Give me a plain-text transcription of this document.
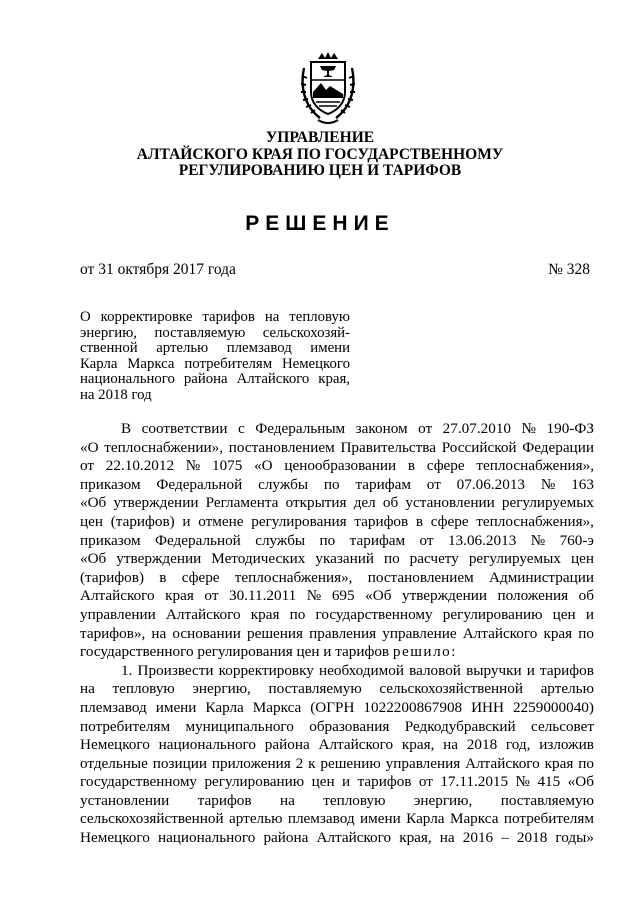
УПРАВЛЕНИЕ
АЛТАЙСКОГО КРАЯ ПО ГОСУДАРСТВЕННОМУ
РЕГУЛИРОВАНИЮ ЦЕН И ТАРИФОВ
РЕШЕНИЕ
от 31 октября 2017 года	№ 328
О корректировке тарифов на тепловую
энергию, поставляемую сельскохозяй-
ственной артелью племзавод имени
Карла Маркса потребителям Немецкого
национального района Алтайского края,
на 2018 год
В соответствии с Федеральным законом от 27.07.2010 № 190-ФЗ
«О теплоснабжении», постановлением Правительства Российской Федерации
от 22.10.2012 № 1075 «О ценообразовании в сфере теплоснабжения»,
приказом Федеральной службы по тарифам от 07.06.2013 № 163
«Об утверждении Регламента открытия дел об установлении регулируемых
цен (тарифов) и отмене регулирования тарифов в сфере теплоснабжения»,
приказом Федеральной службы по тарифам от 13.06.2013 № 760-э
«Об утверждении Методических указаний по расчету регулируемых цен
(тарифов) в сфере теплоснабжения», постановлением Администрации
Алтайского края от 30.11.2011 № 695 «Об утверждении положения об
управлении Алтайского края по государственному регулированию цен и
тарифов», на основании решения правления управление Алтайского края по
государственного регулирования цен и тарифов
решило:
1. Произвести корректировку необходимой валовой выручки и тарифов
на тепловую энергию, поставляемую сельскохозяйственной артелью
племзавод имени Карла Маркса (ОГРН 1022200867908 ИНН 2259000040)
потребителям муниципального образования Редкодубравский сельсовет
Немецкого национального района Алтайского края, на 2018 год, изложив
отдельные позиции приложения 2 к решению управления Алтайского края по
государственному регулированию цен и тарифов от 17.11.2015 № 415 «Об
установлении тарифов на тепловую энергию, поставляемую
сельскохозяйственной артелью племзавод имени Карла Маркса потребителям
Немецкого национального района Алтайского края, на 2016 – 2018 годы»
